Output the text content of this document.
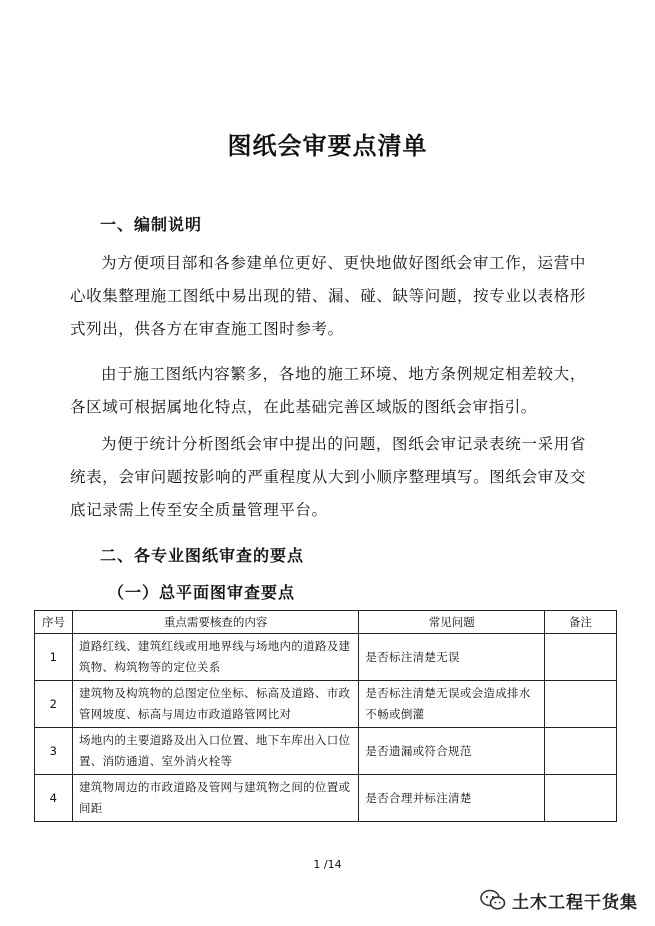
图纸会审要点清单
一、编制说明

为方便项目部和各参建单位更好、更快地做好图纸会审工作，运营中心收集整理施工图纸中易出现的错、漏、碰、缺等问题，按专业以表格形式列出，供各方在审查施工图时参考。

由于施工图纸内容繁多，各地的施工环境、地方条例规定相差较大，各区域可根据属地化特点，在此基础完善区域版的图纸会审指引。

为便于统计分析图纸会审中提出的问题，图纸会审记录表统一采用省统表，会审问题按影响的严重程度从大到小顺序整理填写。图纸会审及交底记录需上传至安全质量管理平台。

二、各专业图纸审查的要点
（一）总平面图审查要点
序号	重点需要核查的内容	常见问题	备注
1	道路红线、建筑红线或用地界线与场地内的道路及建筑物、构筑物等的定位关系	是否标注清楚无误	
2	建筑物及构筑物的总图定位坐标、标高及道路、市政管网坡度、标高与周边市政道路管网比对	是否标注清楚无误或会造成排水不畅或倒灌	
3	场地内的主要道路及出入口位置、地下车库出入口位置、消防通道、室外消火栓等	是否遗漏或符合规范	
4	建筑物周边的市政道路及管网与建筑物之间的位置或间距	是否合理并标注清楚	
1 /14
土木工程干货集
